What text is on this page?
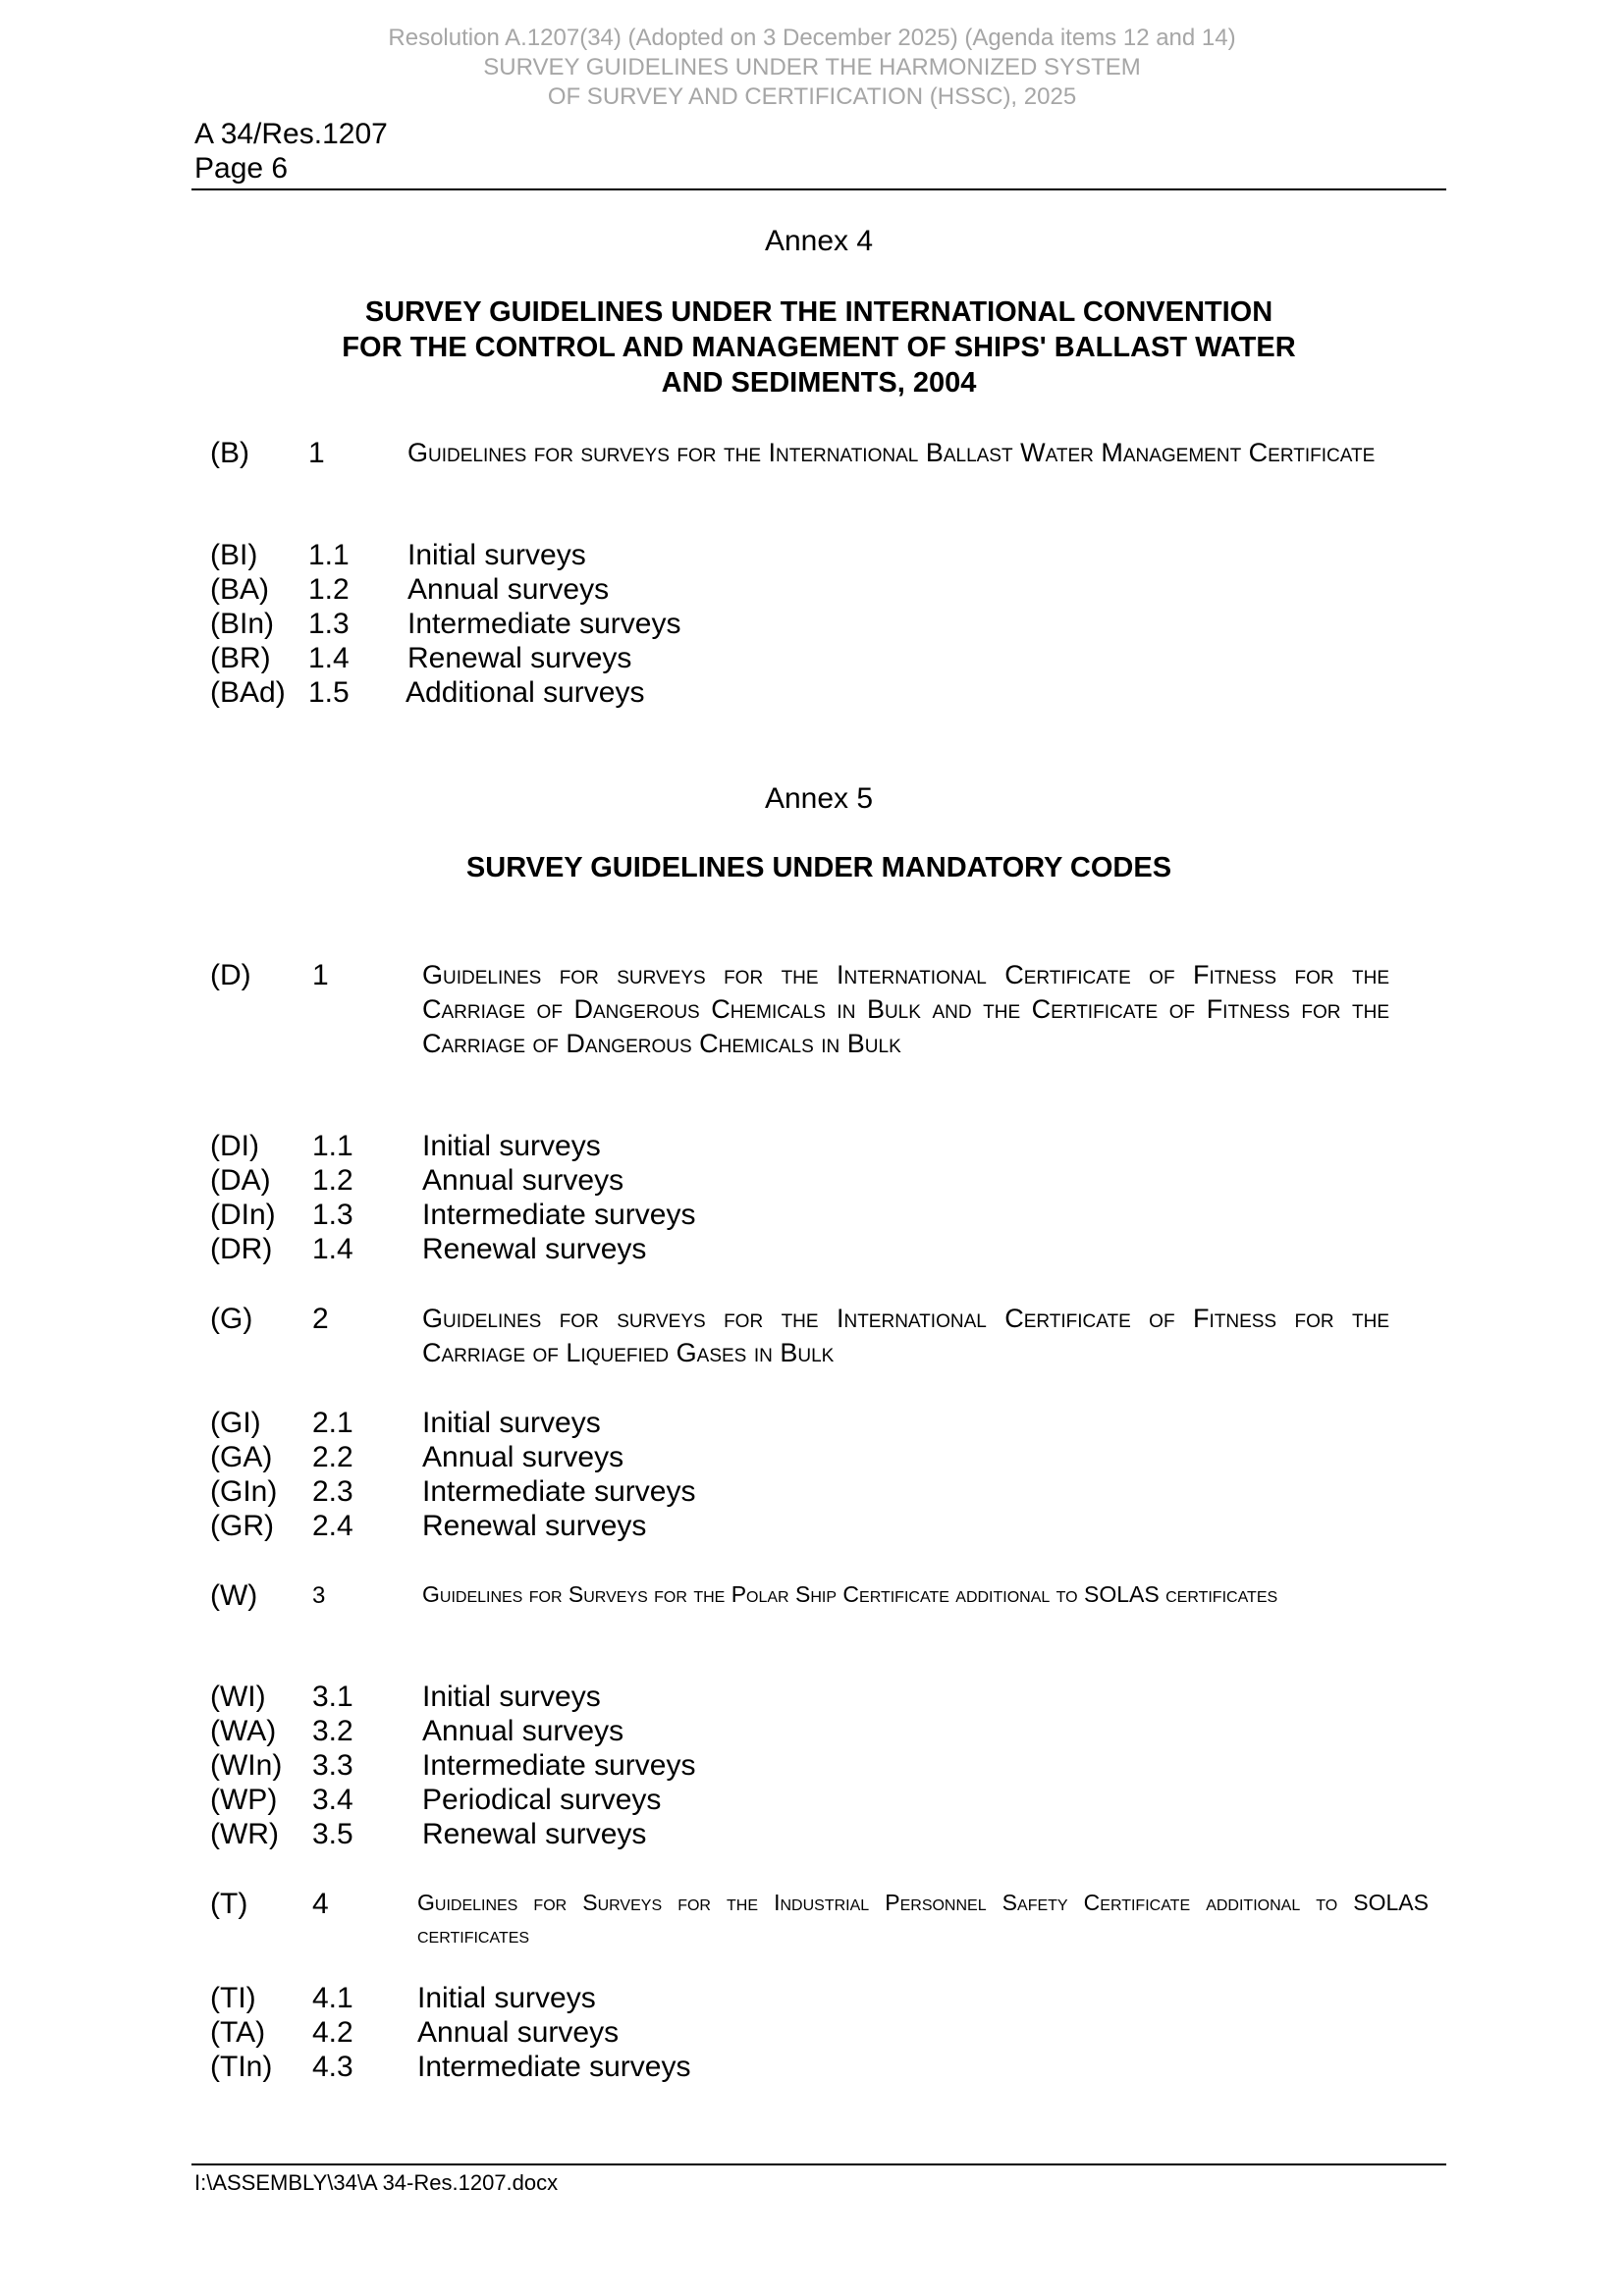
Resolution A.1207(34) (Adopted on 3 December 2025) (Agenda items 12 and 14)
SURVEY GUIDELINES UNDER THE HARMONIZED SYSTEM
OF SURVEY AND CERTIFICATION (HSSC), 2025
A 34/Res.1207
Page 6
Annex 4
SURVEY GUIDELINES UNDER THE INTERNATIONAL CONVENTION
FOR THE CONTROL AND MANAGEMENT OF SHIPS' BALLAST WATER
AND SEDIMENTS, 2004
(B) 1	Guidelines for surveys for the International Ballast Water Management Certificate
(BI) 1.1 Initial surveys
(BA) 1.2 Annual surveys
(BIn) 1.3 Intermediate surveys
(BR) 1.4 Renewal surveys
(BAd) 1.5 Additional surveys
Annex 5
SURVEY GUIDELINES UNDER MANDATORY CODES
(D) 1	Guidelines for surveys for the International Certificate of Fitness for the Carriage of Dangerous Chemicals in Bulk and the Certificate of Fitness for the Carriage of Dangerous Chemicals in Bulk
(DI) 1.1 Initial surveys
(DA) 1.2 Annual surveys
(DIn) 1.3 Intermediate surveys
(DR) 1.4 Renewal surveys
(G) 2	Guidelines for surveys for the International Certificate of Fitness for the Carriage of Liquefied Gases in Bulk
(GI) 2.1 Initial surveys
(GA) 2.2 Annual surveys
(GIn) 2.3 Intermediate surveys
(GR) 2.4 Renewal surveys
(W) 3	Guidelines for Surveys for the Polar Ship Certificate additional to SOLAS certificates
(WI) 3.1 Initial surveys
(WA) 3.2 Annual surveys
(WIn) 3.3 Intermediate surveys
(WP) 3.4 Periodical surveys
(WR) 3.5 Renewal surveys
(T) 4	Guidelines for Surveys for the Industrial Personnel Safety Certificate additional to SOLAS certificates
(TI) 4.1 Initial surveys
(TA) 4.2 Annual surveys
(TIn) 4.3 Intermediate surveys
I:\ASSEMBLY\34\A 34-Res.1207.docx
